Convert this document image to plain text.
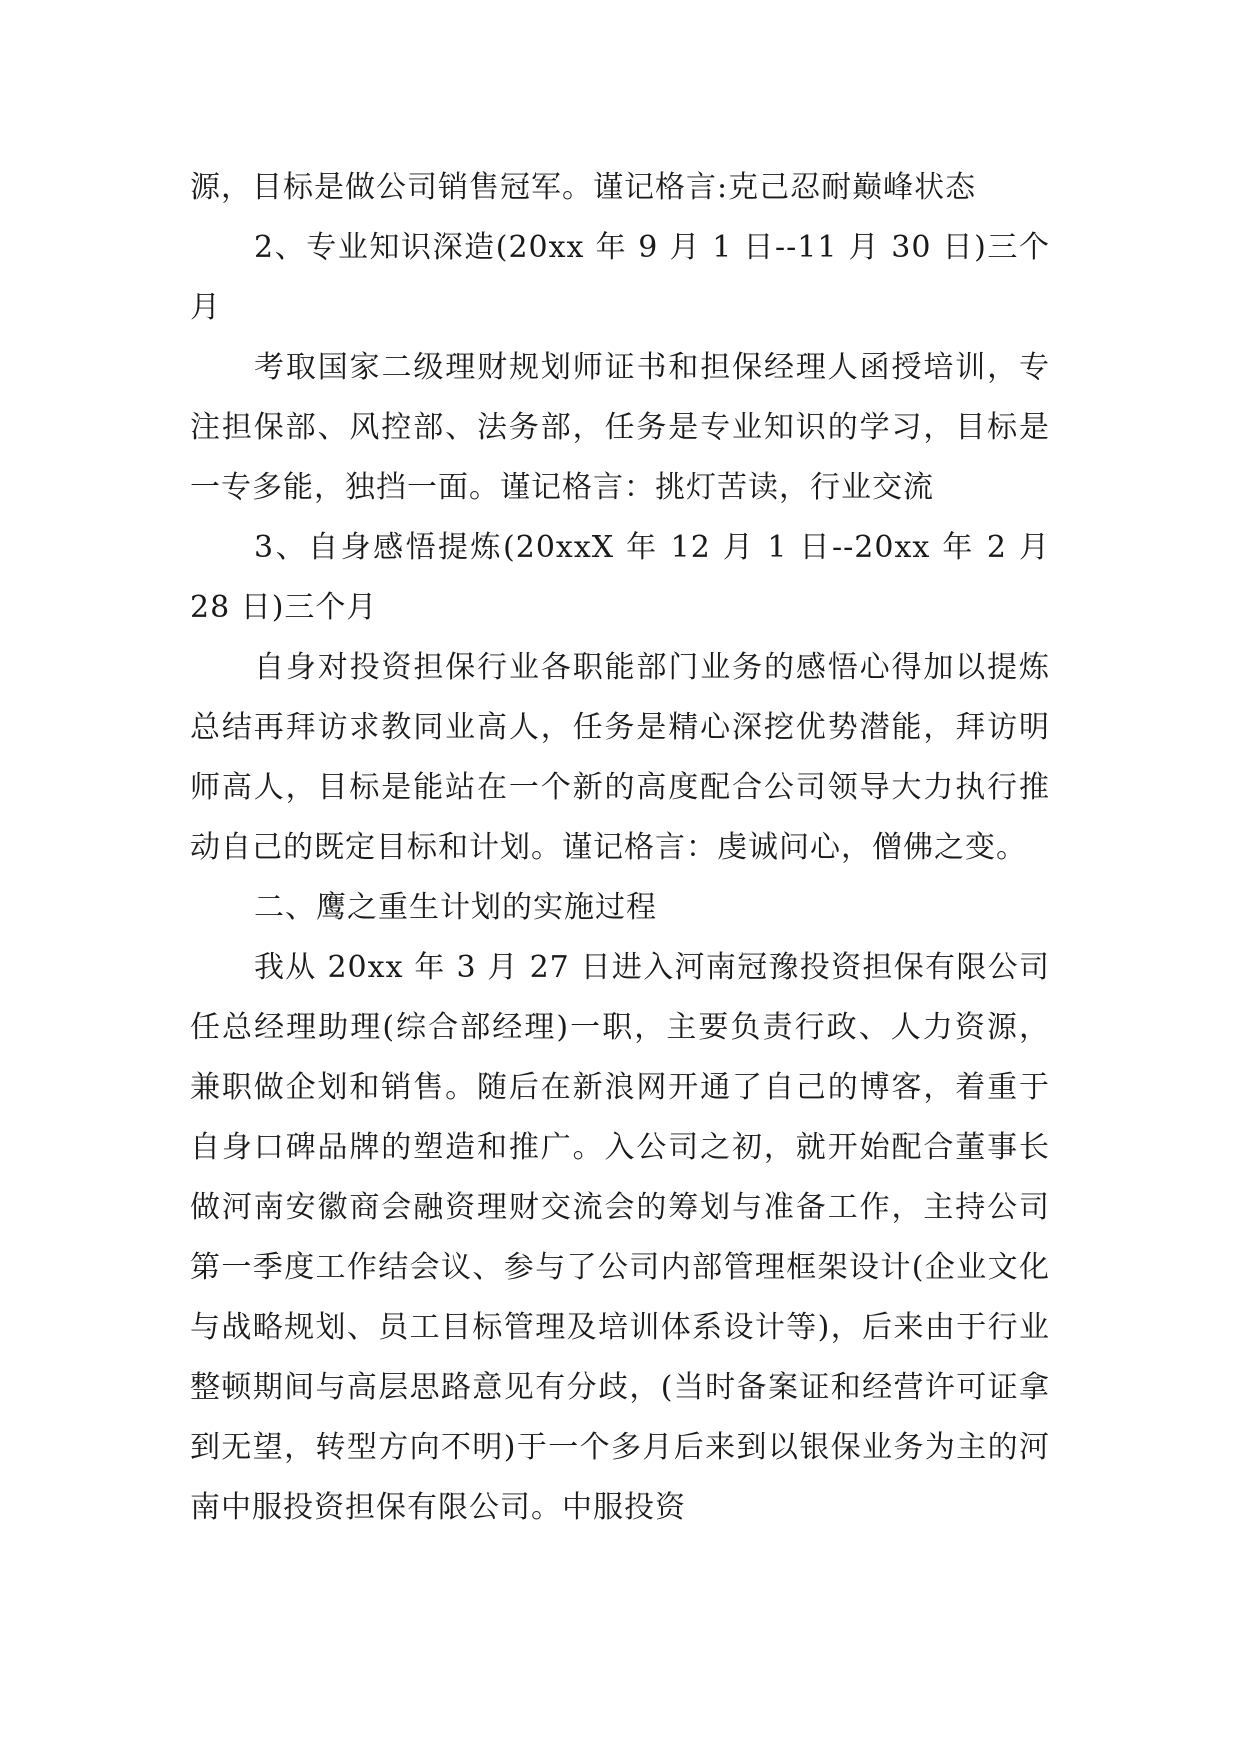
源，目标是做公司销售冠军。谨记格言:克己忍耐巅峰状态

2、专业知识深造(20xx 年 9 月 1 日--11 月 30 日)三个月

考取国家二级理财规划师证书和担保经理人函授培训，专注担保部、风控部、法务部，任务是专业知识的学习，目标是一专多能，独挡一面。谨记格言：挑灯苦读，行业交流

3、自身感悟提炼(20xxX 年 12 月 1 日--20xx 年 2 月 28 日)三个月

自身对投资担保行业各职能部门业务的感悟心得加以提炼总结再拜访求教同业高人，任务是精心深挖优势潜能，拜访明师高人，目标是能站在一个新的高度配合公司领导大力执行推动自己的既定目标和计划。谨记格言：虔诚问心，僧佛之变。

二、鹰之重生计划的实施过程

我从 20xx 年 3 月 27 日进入河南冠豫投资担保有限公司任总经理助理(综合部经理)一职，主要负责行政、人力资源，兼职做企划和销售。随后在新浪网开通了自己的博客，着重于自身口碑品牌的塑造和推广。入公司之初，就开始配合董事长做河南安徽商会融资理财交流会的筹划与准备工作，主持公司第一季度工作结会议、参与了公司内部管理框架设计(企业文化与战略规划、员工目标管理及培训体系设计等)，后来由于行业整顿期间与高层思路意见有分歧，(当时备案证和经营许可证拿到无望，转型方向不明)于一个多月后来到以银保业务为主的河南中服投资担保有限公司。中服投资
